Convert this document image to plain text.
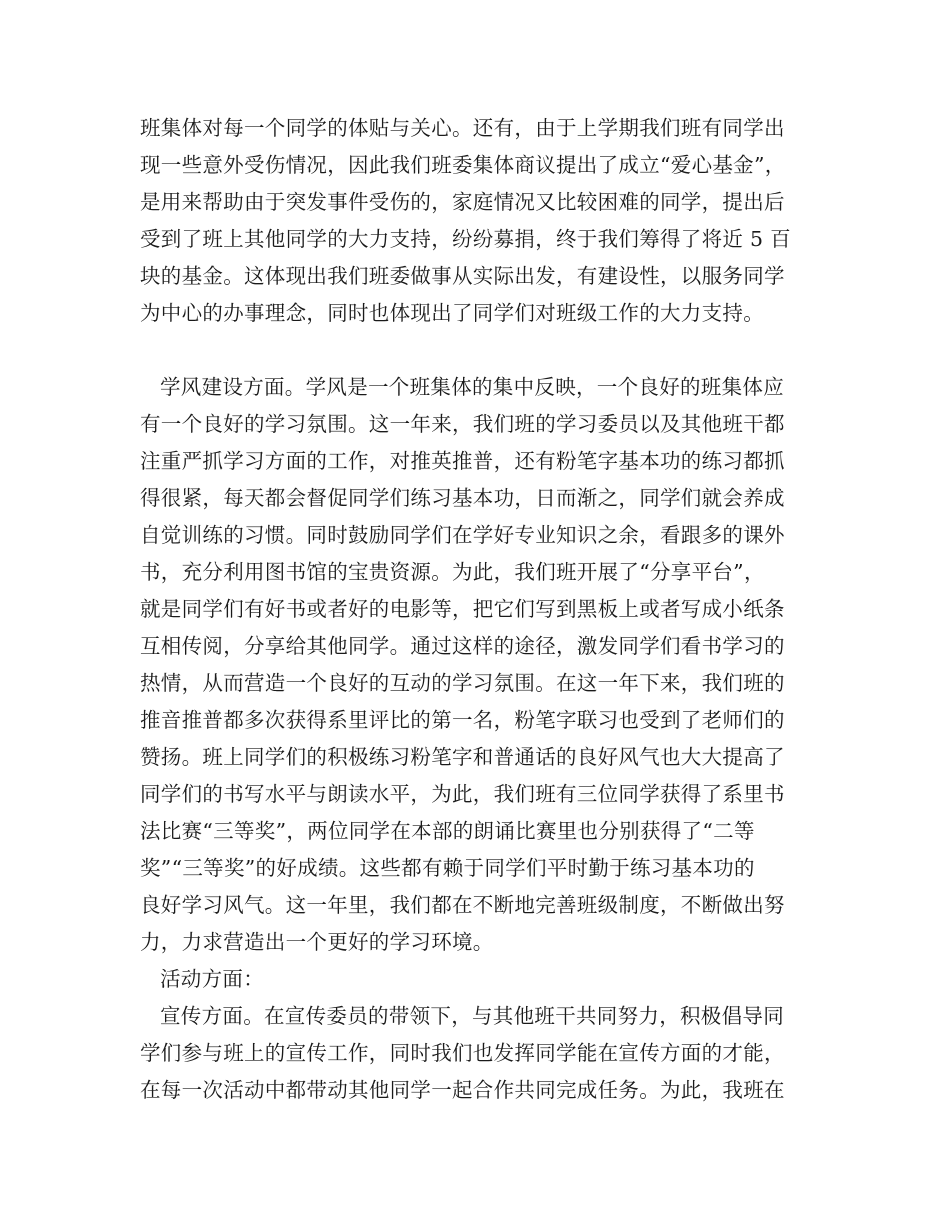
班集体对每一个同学的体贴与关心。还有，由于上学期我们班有同学出
现一些意外受伤情况，因此我们班委集体商议提出了成立“爱心基金”，
是用来帮助由于突发事件受伤的，家庭情况又比较困难的同学，提出后
受到了班上其他同学的大力支持，纷纷募捐，终于我们筹得了将近 5 百
块的基金。这体现出我们班委做事从实际出发，有建设性，以服务同学
为中心的办事理念，同时也体现出了同学们对班级工作的大力支持。
学风建设方面。学风是一个班集体的集中反映，一个良好的班集体应
有一个良好的学习氛围。这一年来，我们班的学习委员以及其他班干都
注重严抓学习方面的工作，对推英推普，还有粉笔字基本功的练习都抓
得很紧，每天都会督促同学们练习基本功，日而渐之，同学们就会养成
自觉训练的习惯。同时鼓励同学们在学好专业知识之余，看跟多的课外
书，充分利用图书馆的宝贵资源。为此，我们班开展了“分享平台”，
就是同学们有好书或者好的电影等，把它们写到黑板上或者写成小纸条
互相传阅，分享给其他同学。通过这样的途径，激发同学们看书学习的
热情，从而营造一个良好的互动的学习氛围。在这一年下来，我们班的
推音推普都多次获得系里评比的第一名，粉笔字联习也受到了老师们的
赞扬。班上同学们的积极练习粉笔字和普通话的良好风气也大大提高了
同学们的书写水平与朗读水平，为此，我们班有三位同学获得了系里书
法比赛“三等奖”，两位同学在本部的朗诵比赛里也分别获得了“二等
奖”“三等奖”的好成绩。这些都有赖于同学们平时勤于练习基本功的
良好学习风气。这一年里，我们都在不断地完善班级制度，不断做出努
力，力求营造出一个更好的学习环境。
活动方面：
宣传方面。在宣传委员的带领下，与其他班干共同努力，积极倡导同
学们参与班上的宣传工作，同时我们也发挥同学能在宣传方面的才能，
在每一次活动中都带动其他同学一起合作共同完成任务。为此，我班在
